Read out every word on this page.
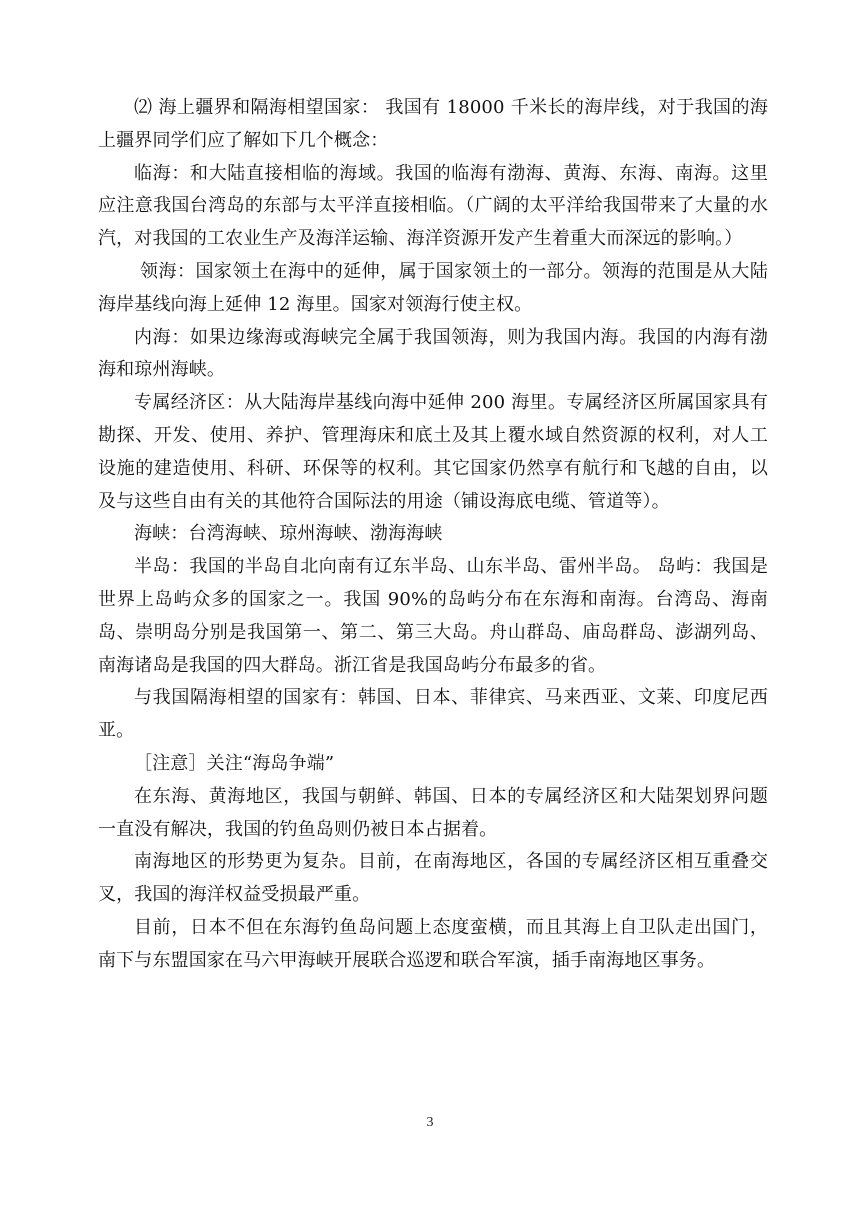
⑵ 海上疆界和隔海相望国家： 我国有 18000 千米长的海岸线，对于我国的海上疆界同学们应了解如下几个概念：

临海：和大陆直接相临的海域。我国的临海有渤海、黄海、东海、南海。这里应注意我国台湾岛的东部与太平洋直接相临。（广阔的太平洋给我国带来了大量的水汽，对我国的工农业生产及海洋运输、海洋资源开发产生着重大而深远的影响。）

领海：国家领土在海中的延伸，属于国家领土的一部分。领海的范围是从大陆海岸基线向海上延伸 12 海里。国家对领海行使主权。

内海：如果边缘海或海峡完全属于我国领海，则为我国内海。我国的内海有渤海和琼州海峡。

专属经济区：从大陆海岸基线向海中延伸 200 海里。专属经济区所属国家具有勘探、开发、使用、养护、管理海床和底土及其上覆水域自然资源的权利，对人工设施的建造使用、科研、环保等的权利。其它国家仍然享有航行和飞越的自由，以及与这些自由有关的其他符合国际法的用途（铺设海底电缆、管道等）。

海峡：台湾海峡、琼州海峡、渤海海峡

半岛：我国的半岛自北向南有辽东半岛、山东半岛、雷州半岛。 岛屿：我国是世界上岛屿众多的国家之一。我国 90%的岛屿分布在东海和南海。台湾岛、海南岛、崇明岛分别是我国第一、第二、第三大岛。舟山群岛、庙岛群岛、澎湖列岛、南海诸岛是我国的四大群岛。浙江省是我国岛屿分布最多的省。

与我国隔海相望的国家有：韩国、日本、菲律宾、马来西亚、文莱、印度尼西亚。

［注意］关注“海岛争端”

在东海、黄海地区，我国与朝鲜、韩国、日本的专属经济区和大陆架划界问题一直没有解决，我国的钓鱼岛则仍被日本占据着。

南海地区的形势更为复杂。目前，在南海地区，各国的专属经济区相互重叠交叉，我国的海洋权益受损最严重。

目前，日本不但在东海钓鱼岛问题上态度蛮横，而且其海上自卫队走出国门，南下与东盟国家在马六甲海峡开展联合巡逻和联合军演，插手南海地区事务。

3
